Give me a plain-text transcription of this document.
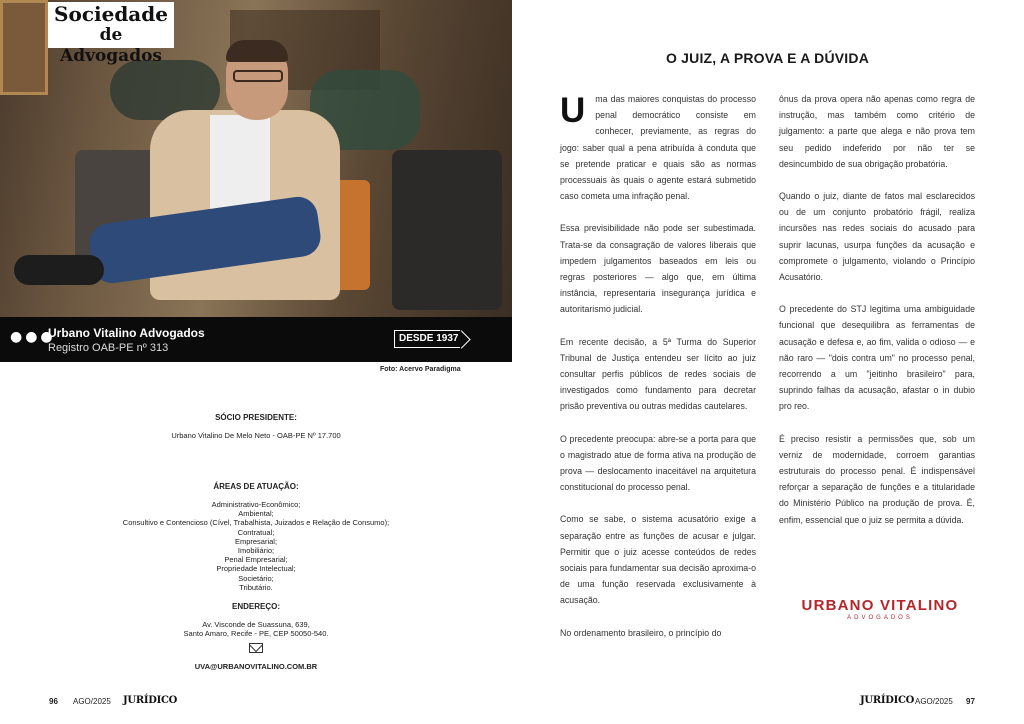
Sociedade
de Advogados
●●●
Urbano Vitalino Advogados
Registro OAB-PE nº 313
DESDE 1937
Foto: Acervo Paradigma
SÓCIO PRESIDENTE:
Urbano Vitalino De Melo Neto - OAB-PE Nº 17.700
ÁREAS DE ATUAÇÃO:
Administrativo-Econômico;
Ambiental;
Consultivo e Contencioso (Cível, Trabalhista, Juizados e Relação de Consumo);
Contratual;
Empresarial;
Imobiliário;
Penal Empresarial;
Propriedade Intelectual;
Societário;
Tributário.
ENDEREÇO:
Av. Visconde de Suassuna, 639,
Santo Amaro, Recife - PE, CEP 50050-540.
UVA@URBANOVITALINO.COM.BR
96 AGO/2025 JURÍDICO
O JUIZ, A PROVA E A DÚVIDA

U ma das maiores conquistas do processo penal democrático consiste em conhecer, previamente, as regras do jogo: saber qual a pena atribuída à conduta que se pretende praticar e quais são as normas processuais às quais o agente estará submetido caso cometa uma infração penal.

Essa previsibilidade não pode ser subestimada. Trata-se da consagração de valores liberais que impedem julgamentos baseados em leis ou regras posteriores — algo que, em última instância, representaria insegurança jurídica e autoritarismo judicial.

Em recente decisão, a 5ª Turma do Superior Tribunal de Justiça entendeu ser lícito ao juiz consultar perfis públicos de redes sociais de investigados como fundamento para decretar prisão preventiva ou outras medidas cautelares.

O precedente preocupa: abre-se a porta para que o magistrado atue de forma ativa na produção de prova — deslocamento inaceitável na arquitetura constitucional do processo penal.

Como se sabe, o sistema acusatório exige a separação entre as funções de acusar e julgar. Permitir que o juiz acesse conteúdos de redes sociais para fundamentar sua decisão aproxima-o de uma função reservada exclusivamente à acusação.

No ordenamento brasileiro, o princípio do

ônus da prova opera não apenas como regra de instrução, mas também como critério de julgamento: a parte que alega e não prova tem seu pedido indeferido por não ter se desincumbido de sua obrigação probatória.

Quando o juiz, diante de fatos mal esclarecidos ou de um conjunto probatório frágil, realiza incursões nas redes sociais do acusado para suprir lacunas, usurpa funções da acusação e compromete o julgamento, violando o Princípio Acusatório.

O precedente do STJ legitima uma ambiguidade funcional que desequilibra as ferramentas de acusação e defesa e, ao fim, valida o odioso — e não raro — "dois contra um" no processo penal, recorrendo a um "jeitinho brasileiro" para, suprindo falhas da acusação, afastar o in dubio pro reo.

É preciso resistir a permissões que, sob um verniz de modernidade, corroem garantias estruturais do processo penal. É indispensável reforçar a separação de funções e a titularidade do Ministério Público na produção de prova. É, enfim, essencial que o juiz se permita a dúvida.

URBANO VITALINO
ADVOGADOS
JURÍDICO AGO/2025 97
